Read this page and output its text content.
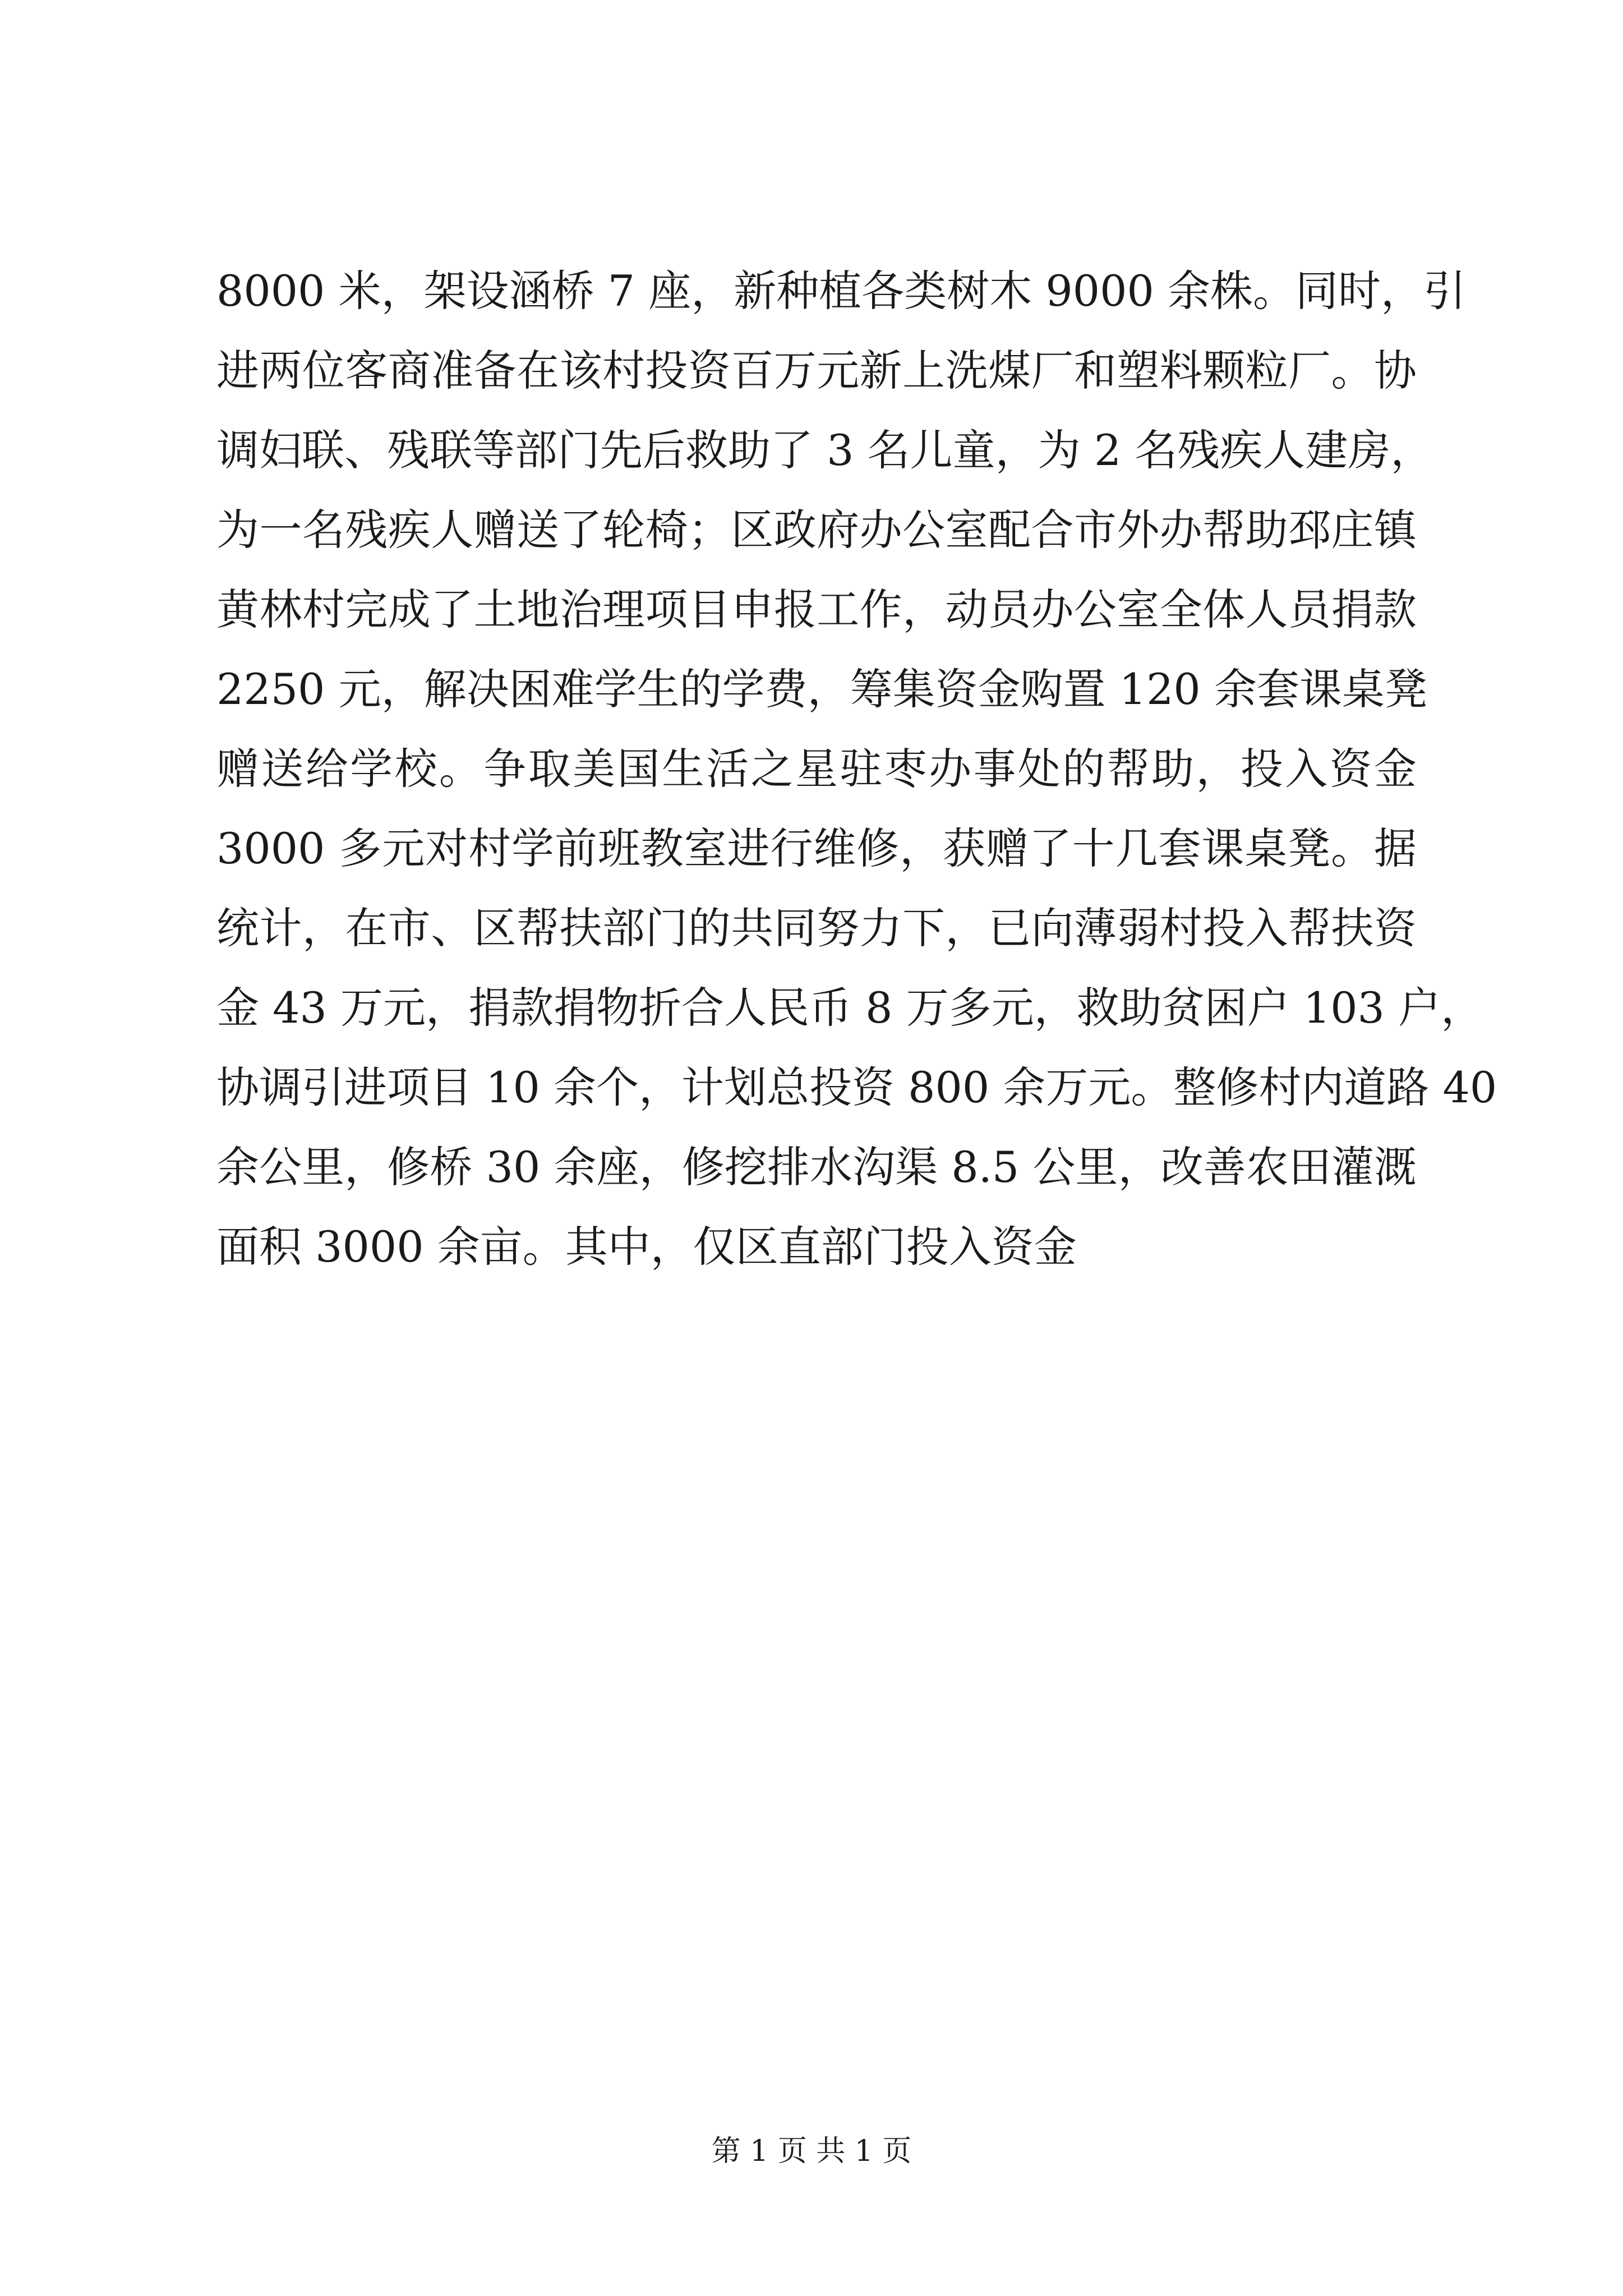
8000 米，架设涵桥 7 座，新种植各类树木 9000 余株。同时，引
进两位客商准备在该村投资百万元新上洗煤厂和塑料颗粒厂。协
调妇联、残联等部门先后救助了 3 名儿童，为 2 名残疾人建房，
为一名残疾人赠送了轮椅；区政府办公室配合市外办帮助邳庄镇
黄林村完成了土地治理项目申报工作，动员办公室全体人员捐款
2250 元，解决困难学生的学费，筹集资金购置 120 余套课桌凳
赠送给学校。争取美国生活之星驻枣办事处的帮助，投入资金
3000 多元对村学前班教室进行维修，获赠了十几套课桌凳。据
统计，在市、区帮扶部门的共同努力下，已向薄弱村投入帮扶资
金 43 万元，捐款捐物折合人民币 8 万多元，救助贫困户 103 户，
协调引进项目 10 余个，计划总投资 800 余万元。整修村内道路 40
余公里，修桥 30 余座，修挖排水沟渠 8.5 公里，改善农田灌溉
面积 3000 余亩。其中，仅区直部门投入资金
第 1 页 共 1 页
